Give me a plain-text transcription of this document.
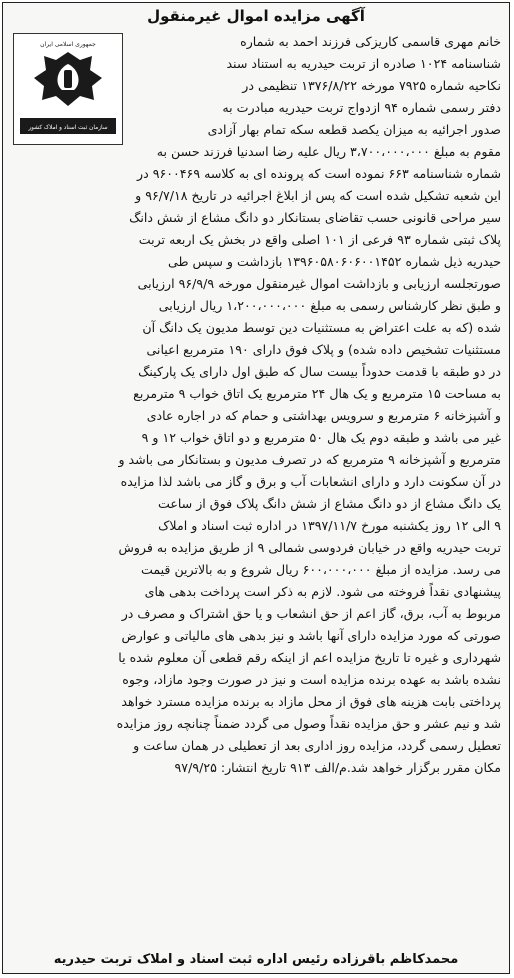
آگهی مزایده اموال غیرمنقول
جمهوری اسلامی ایران
سازمان ثبت اسناد و املاک کشور
خانم مهری قاسمی کاریزکی فرزند احمد به شماره
شناسنامه ۱۰۲۴ صادره از تربت حیدریه به استناد سند
نکاحیه شماره ۷۹۲۵ مورخه ۱۳۷۶/۸/۲۲ تنظیمی در
دفتر رسمی شماره ۹۴ ازدواج تربت حیدریه مبادرت به
صدور اجرائیه به میزان یکصد قطعه سکه تمام بهار آزادی
مقوم به مبلغ ۳،۷۰۰،۰۰۰،۰۰۰ ریال علیه رضا اسدنیا فرزند حسن به
شماره شناسنامه ۶۶۳ نموده است که پرونده ای به کلاسه ۹۶۰۰۴۶۹ در
این شعبه تشکیل شده است که پس از ابلاغ اجرائیه در تاریخ ۹۶/۷/۱۸ و
سیر مراحی قانونی حسب تقاضای بستانکار دو دانگ مشاع از شش دانگ
پلاک ثبتی شماره ۹۳ فرعی از ۱۰۱ اصلی واقع در بخش یک اربعه تربت
حیدریه ذیل شماره ۱۳۹۶۰۵۸۰۶۰۶۰۰۱۴۵۲ بازداشت و سپس طی
صورتجلسه ارزیابی و بازداشت اموال غیرمنقول مورخه ۹۶/۹/۹ ارزیابی
و طبق نظر کارشناس رسمی به مبلغ ۱،۲۰۰،۰۰۰،۰۰۰ ریال ارزیابی
شده (که به علت اعتراض به مستثنیات دین توسط مدیون یک دانگ آن
مستثنیات تشخیص داده شده) و پلاک فوق دارای ۱۹۰ مترمربع اعیانی
در دو طبقه با قدمت حدوداً بیست سال که طبق اول دارای یک پارکینگ
به مساحت ۱۵ مترمربع و یک هال ۲۴ مترمربع یک اتاق خواب ۹ مترمربع
و آشپزخانه ۶ مترمربع و سرویس بهداشتی و حمام که در اجاره عادی
غیر می باشد و طبقه دوم یک هال ۵۰ مترمربع و دو اتاق خواب ۱۲ و ۹
مترمربع و آشپزخانه ۹ مترمربع که در تصرف مدیون و بستانکار می باشد و
در آن سکونت دارد و دارای انشعابات آب و برق و گاز می باشد لذا مزایده
یک دانگ مشاع از دو دانگ مشاع از شش دانگ پلاک فوق از ساعت
۹ الی ۱۲ روز یکشنبه مورخ ۱۳۹۷/۱۱/۷ در اداره ثبت اسناد و املاک
تربت حیدریه واقع در خیابان فردوسی شمالی ۹ از طریق مزایده به فروش
می رسد. مزایده از مبلغ ۶۰۰،۰۰۰،۰۰۰ ریال شروع و به بالاترین قیمت
پیشنهادی نقداً فروخته می شود. لازم به ذکر است پرداخت بدهی های
مربوط به آب، برق، گاز اعم از حق انشعاب و یا حق اشتراک و مصرف در
صورتی که مورد مزایده دارای آنها باشد و نیز بدهی های مالیاتی و عوارض
شهرداری و غیره تا تاریخ مزایده اعم از اینکه رقم قطعی آن معلوم شده یا
نشده باشد به عهده برنده مزایده است و نیز در صورت وجود مازاد، وجوه
پرداختی بابت هزینه های فوق از محل مازاد به برنده مزایده مسترد خواهد
شد و نیم عشر و حق مزایده نقداً وصول می گردد ضمناً چنانچه روز مزایده
تعطیل رسمی گردد، مزایده روز اداری بعد از تعطیلی در همان ساعت و
مکان مقرر برگزار خواهد شد.م/الف ۹۱۳ تاریخ انتشار: ۹۷/۹/۲۵
محمدکاظم باقرزاده رئیس اداره ثبت اسناد و املاک تربت حیدریه
